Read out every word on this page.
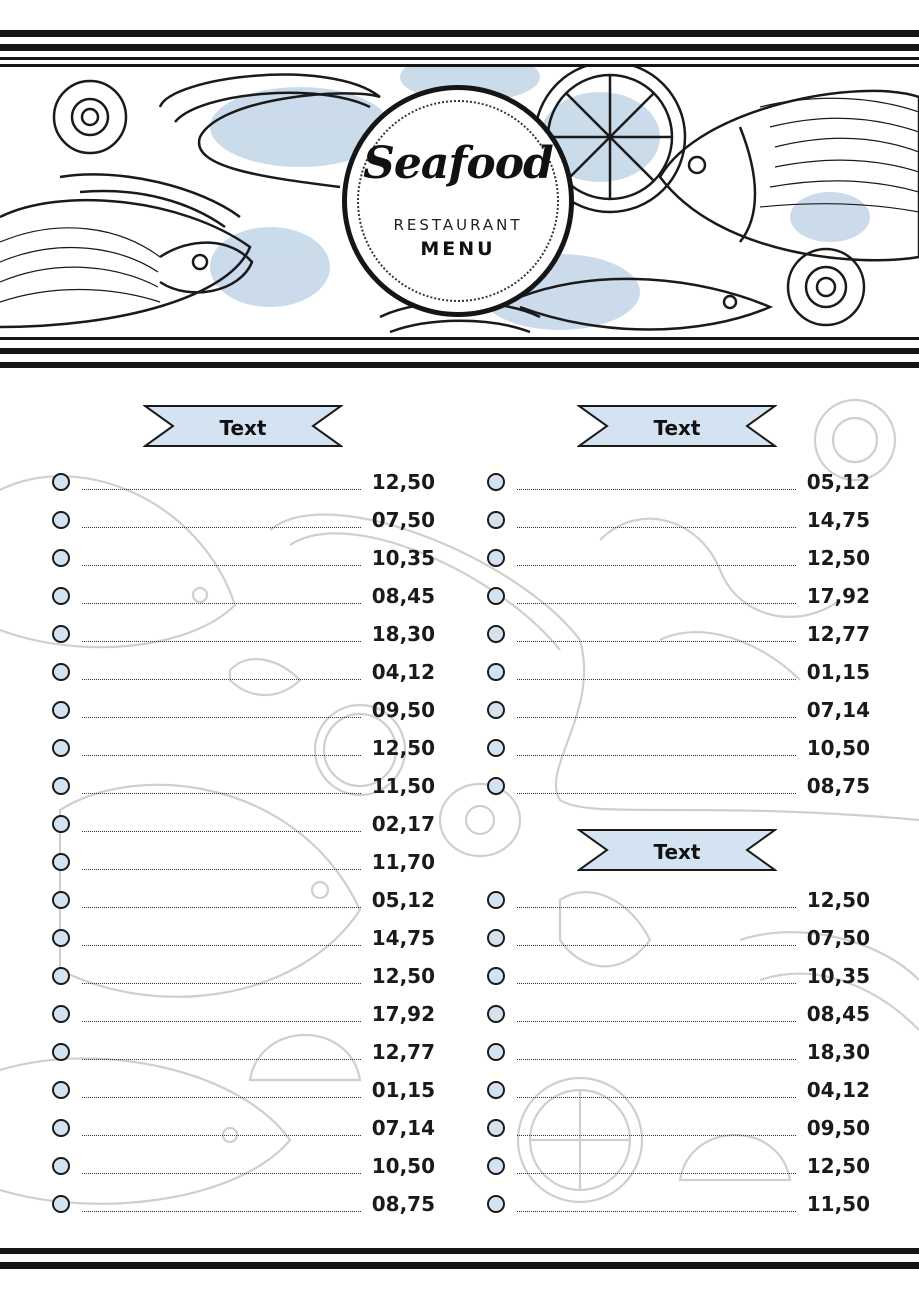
Seafood
RESTAURANT
MENU
Text	Text
Text
12,50
07,50
10,35
08,45
18,30
04,12
09,50
12,50
11,50
02,17
11,70
05,12
14,75
12,50
17,92
12,77
01,15
07,14
10,50
08,75
05,12
14,75
12,50
17,92
12,77
01,15
07,14
10,50
08,75
12,50
07,50
10,35
08,45
18,30
04,12
09,50
12,50
11,50
